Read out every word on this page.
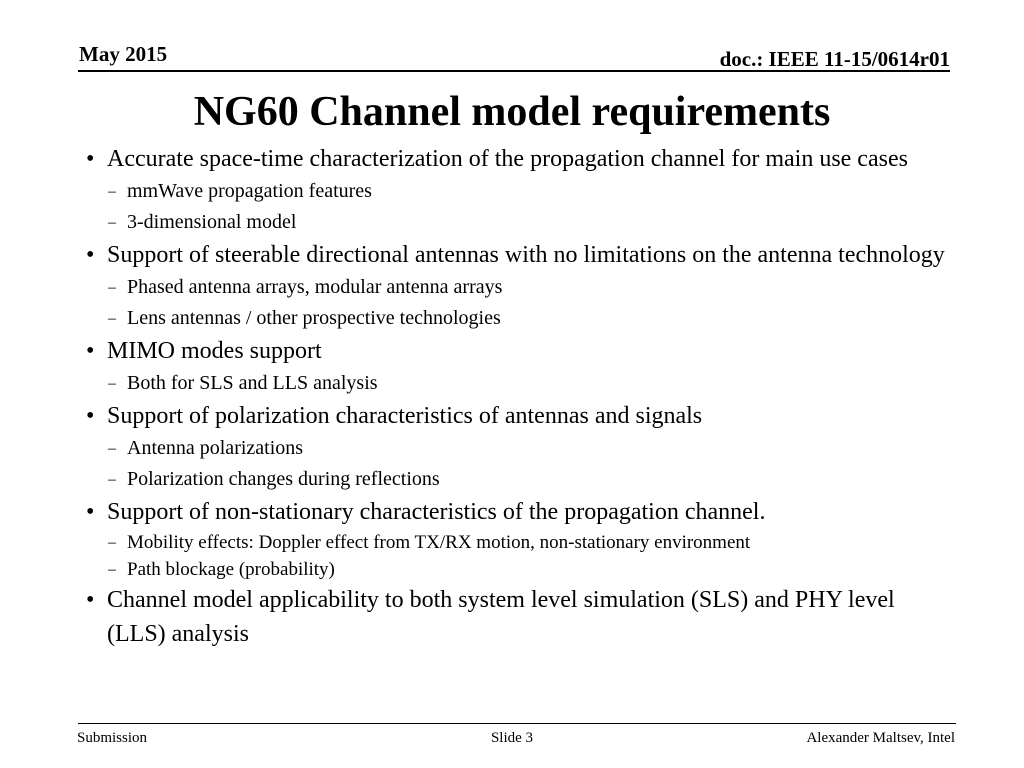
May 2015	doc.: IEEE 11-15/0614r01
NG60 Channel model requirements
• Accurate space-time characterization of the propagation channel for main use cases
– mmWave propagation features
– 3-dimensional model
• Support of steerable directional antennas with no limitations on the antenna technology
– Phased antenna arrays, modular antenna arrays
– Lens antennas / other prospective technologies
• MIMO modes support
– Both for SLS and LLS analysis
• Support of polarization characteristics of antennas and signals
– Antenna polarizations
– Polarization changes during reflections
• Support of non-stationary characteristics of the propagation channel.
– Mobility effects: Doppler effect from TX/RX motion, non-stationary environment
– Path blockage (probability)
• Channel model applicability to both system level simulation (SLS) and PHY level (LLS) analysis
Submission	Slide 3	Alexander Maltsev, Intel
